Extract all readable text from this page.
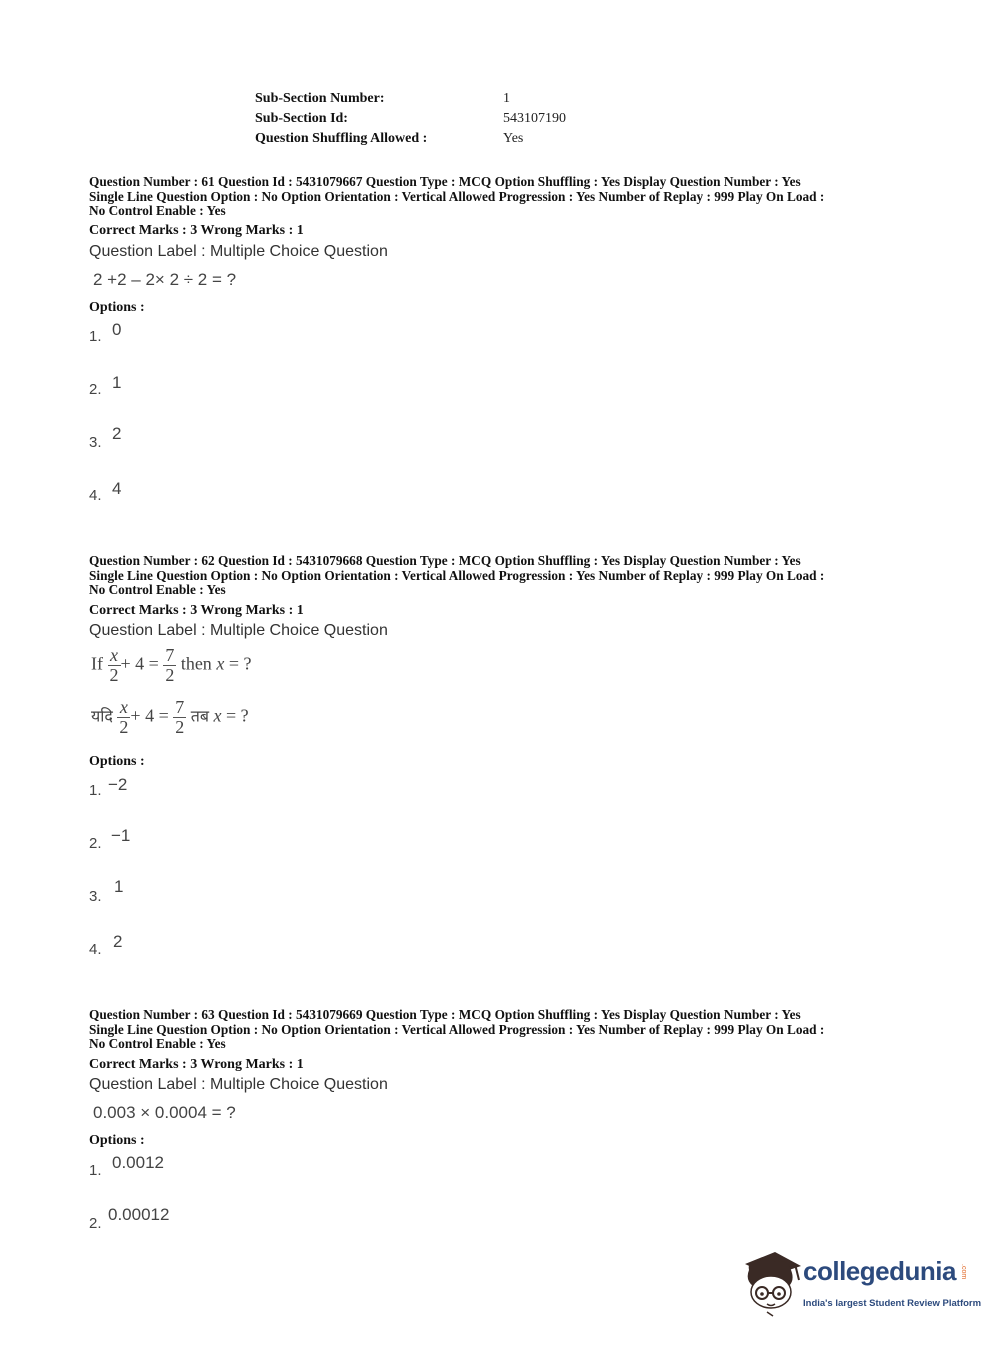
Sub-Section Number:	1
Sub-Section Id:	543107190
Question Shuffling Allowed :	Yes
Question Number : 61 Question Id : 5431079667 Question Type : MCQ Option Shuffling : Yes Display Question Number : Yes
Single Line Question Option : No Option Orientation : Vertical Allowed Progression : Yes Number of Replay : 999 Play On Load :
No Control Enable : Yes
Correct Marks : 3 Wrong Marks : 1
Question Label : Multiple Choice Question
2 +2 – 2× 2 ÷ 2 = ?
Options :
1. 0
2. 1
3. 2
4. 4
Question Number : 62 Question Id : 5431079668 Question Type : MCQ Option Shuffling : Yes Display Question Number : Yes
Single Line Question Option : No Option Orientation : Vertical Allowed Progression : Yes Number of Replay : 999 Play On Load :
No Control Enable : Yes
Correct Marks : 3 Wrong Marks : 1
Question Label : Multiple Choice Question
If $\frac{x}{2} + 4 = \frac{7}{2}$ then x = ?
यदि $\frac{x}{2} + 4 = \frac{7}{2}$ तब x = ?
Options :
1. −2
2. −1
3.
1
4. 2
Question Number : 63 Question Id : 5431079669 Question Type : MCQ Option Shuffling : Yes Display Question Number : Yes
Single Line Question Option : No Option Orientation : Vertical Allowed Progression : Yes Number of Replay : 999 Play On Load :
No Control Enable : Yes
Correct Marks : 3 Wrong Marks : 1
Question Label : Multiple Choice Question
0.003 × 0.0004 = ?
Options :
1. 0.0012
2. 0.00012
collegedunia .com
India's largest Student Review Platform
